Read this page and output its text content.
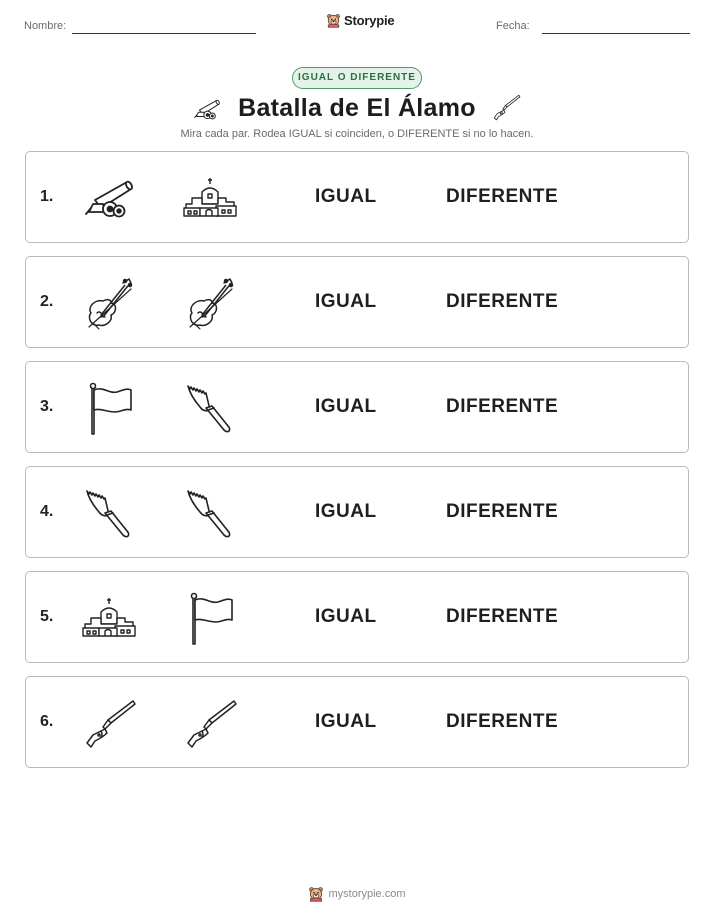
Nombre:	Fecha:
Storypie
IGUAL O DIFERENTE
Batalla de El Álamo
Mira cada par. Rodea IGUAL si coinciden, o DIFERENTE si no lo hacen.
1.	IGUAL	DIFERENTE
2.	IGUAL	DIFERENTE
3.	IGUAL	DIFERENTE
4.	IGUAL	DIFERENTE
5.	IGUAL	DIFERENTE
6.	IGUAL	DIFERENTE
mystorypie.com
